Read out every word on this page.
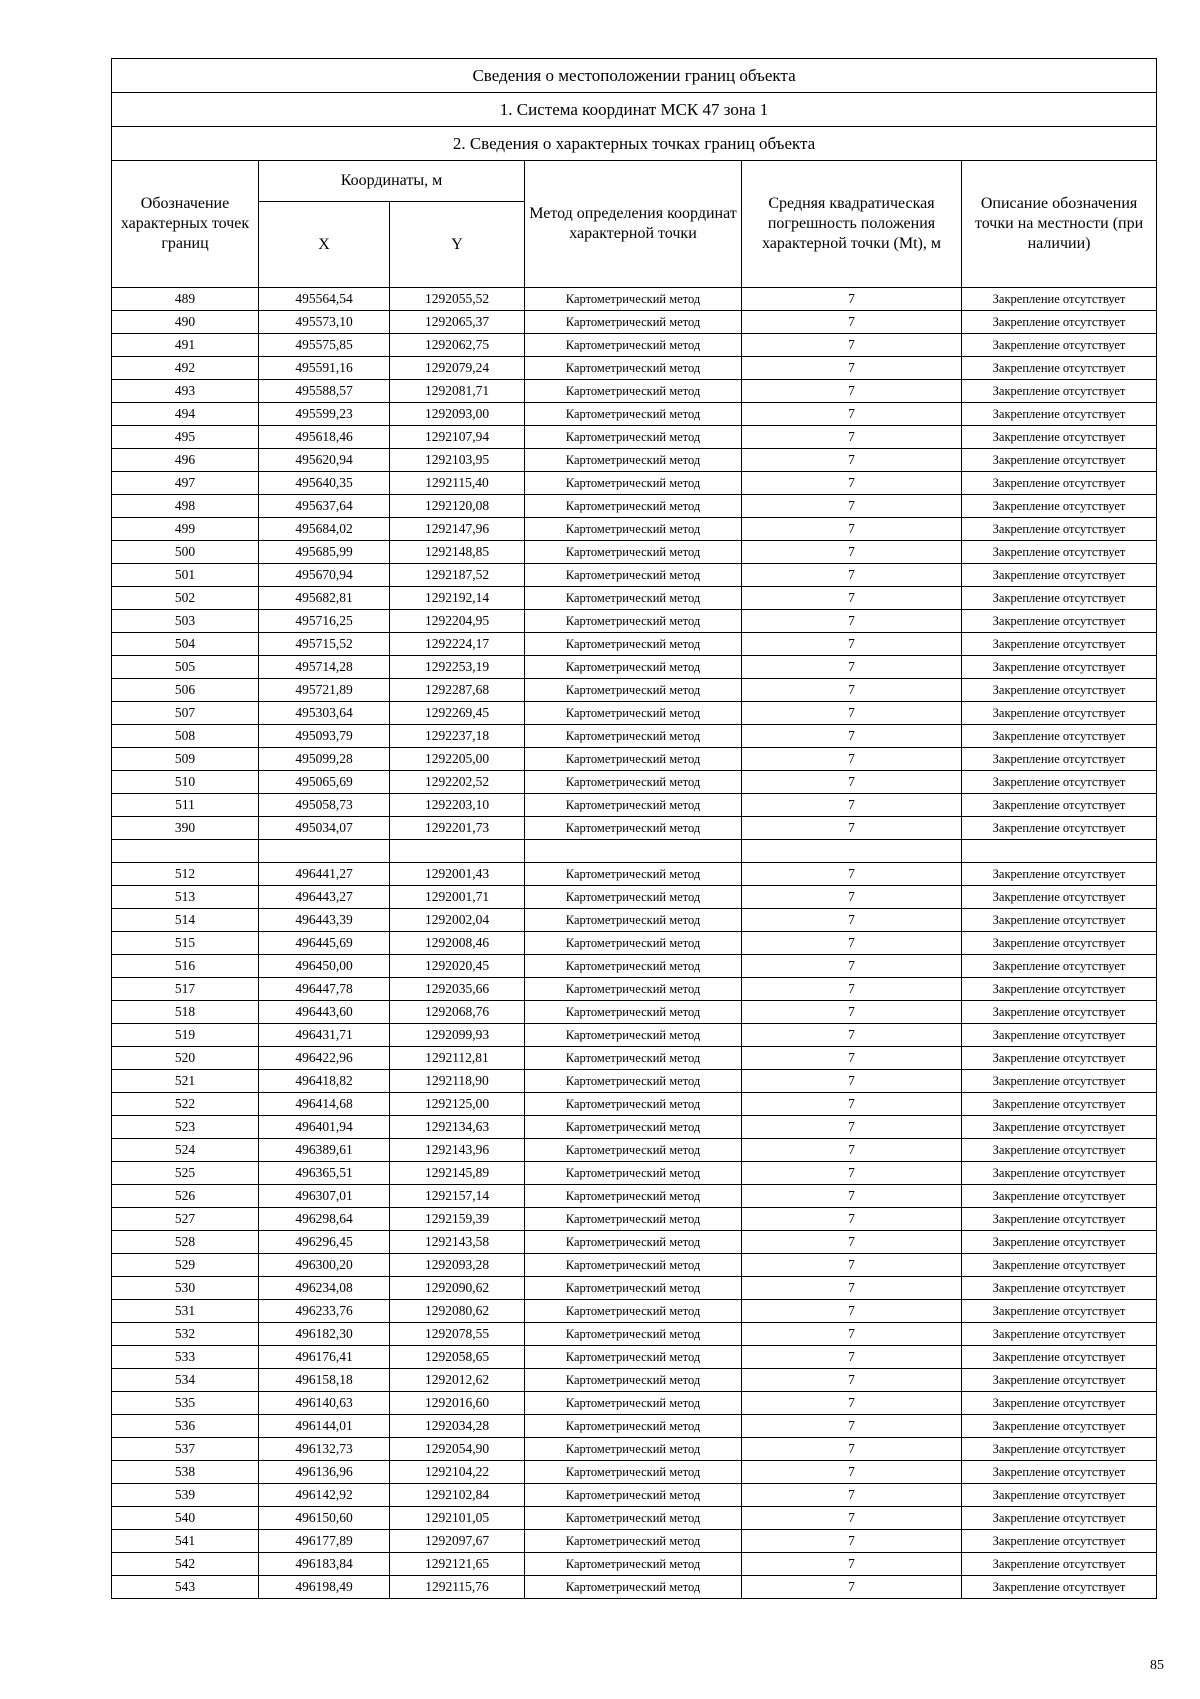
Сведения о местоположении границ объекта					
1. Система координат МСК 47 зона 1					
2. Сведения о характерных точках границ объекта					
Обозначение характерных точек границ	Координаты, м		Метод определения координат характерной точки	Средняя квадратическая погрешность положения характерной точки (Mt), м	Описание обозначения точки на местности (при наличии)
	X	Y			
489	495564,54	1292055,52	Картометрический метод	7	Закрепление отсутствует
490	495573,10	1292065,37	Картометрический метод	7	Закрепление отсутствует
491	495575,85	1292062,75	Картометрический метод	7	Закрепление отсутствует
492	495591,16	1292079,24	Картометрический метод	7	Закрепление отсутствует
493	495588,57	1292081,71	Картометрический метод	7	Закрепление отсутствует
494	495599,23	1292093,00	Картометрический метод	7	Закрепление отсутствует
495	495618,46	1292107,94	Картометрический метод	7	Закрепление отсутствует
496	495620,94	1292103,95	Картометрический метод	7	Закрепление отсутствует
497	495640,35	1292115,40	Картометрический метод	7	Закрепление отсутствует
498	495637,64	1292120,08	Картометрический метод	7	Закрепление отсутствует
499	495684,02	1292147,96	Картометрический метод	7	Закрепление отсутствует
500	495685,99	1292148,85	Картометрический метод	7	Закрепление отсутствует
501	495670,94	1292187,52	Картометрический метод	7	Закрепление отсутствует
502	495682,81	1292192,14	Картометрический метод	7	Закрепление отсутствует
503	495716,25	1292204,95	Картометрический метод	7	Закрепление отсутствует
504	495715,52	1292224,17	Картометрический метод	7	Закрепление отсутствует
505	495714,28	1292253,19	Картометрический метод	7	Закрепление отсутствует
506	495721,89	1292287,68	Картометрический метод	7	Закрепление отсутствует
507	495303,64	1292269,45	Картометрический метод	7	Закрепление отсутствует
508	495093,79	1292237,18	Картометрический метод	7	Закрепление отсутствует
509	495099,28	1292205,00	Картометрический метод	7	Закрепление отсутствует
510	495065,69	1292202,52	Картометрический метод	7	Закрепление отсутствует
511	495058,73	1292203,10	Картометрический метод	7	Закрепление отсутствует
390	495034,07	1292201,73	Картометрический метод	7	Закрепление отсутствует

512	496441,27	1292001,43	Картометрический метод	7	Закрепление отсутствует
513	496443,27	1292001,71	Картометрический метод	7	Закрепление отсутствует
514	496443,39	1292002,04	Картометрический метод	7	Закрепление отсутствует
515	496445,69	1292008,46	Картометрический метод	7	Закрепление отсутствует
516	496450,00	1292020,45	Картометрический метод	7	Закрепление отсутствует
517	496447,78	1292035,66	Картометрический метод	7	Закрепление отсутствует
518	496443,60	1292068,76	Картометрический метод	7	Закрепление отсутствует
519	496431,71	1292099,93	Картометрический метод	7	Закрепление отсутствует
520	496422,96	1292112,81	Картометрический метод	7	Закрепление отсутствует
521	496418,82	1292118,90	Картометрический метод	7	Закрепление отсутствует
522	496414,68	1292125,00	Картометрический метод	7	Закрепление отсутствует
523	496401,94	1292134,63	Картометрический метод	7	Закрепление отсутствует
524	496389,61	1292143,96	Картометрический метод	7	Закрепление отсутствует
525	496365,51	1292145,89	Картометрический метод	7	Закрепление отсутствует
526	496307,01	1292157,14	Картометрический метод	7	Закрепление отсутствует
527	496298,64	1292159,39	Картометрический метод	7	Закрепление отсутствует
528	496296,45	1292143,58	Картометрический метод	7	Закрепление отсутствует
529	496300,20	1292093,28	Картометрический метод	7	Закрепление отсутствует
530	496234,08	1292090,62	Картометрический метод	7	Закрепление отсутствует
531	496233,76	1292080,62	Картометрический метод	7	Закрепление отсутствует
532	496182,30	1292078,55	Картометрический метод	7	Закрепление отсутствует
533	496176,41	1292058,65	Картометрический метод	7	Закрепление отсутствует
534	496158,18	1292012,62	Картометрический метод	7	Закрепление отсутствует
535	496140,63	1292016,60	Картометрический метод	7	Закрепление отсутствует
536	496144,01	1292034,28	Картометрический метод	7	Закрепление отсутствует
537	496132,73	1292054,90	Картометрический метод	7	Закрепление отсутствует
538	496136,96	1292104,22	Картометрический метод	7	Закрепление отсутствует
539	496142,92	1292102,84	Картометрический метод	7	Закрепление отсутствует
540	496150,60	1292101,05	Картометрический метод	7	Закрепление отсутствует
541	496177,89	1292097,67	Картометрический метод	7	Закрепление отсутствует
542	496183,84	1292121,65	Картометрический метод	7	Закрепление отсутствует
543	496198,49	1292115,76	Картометрический метод	7	Закрепление отсутствует
85
